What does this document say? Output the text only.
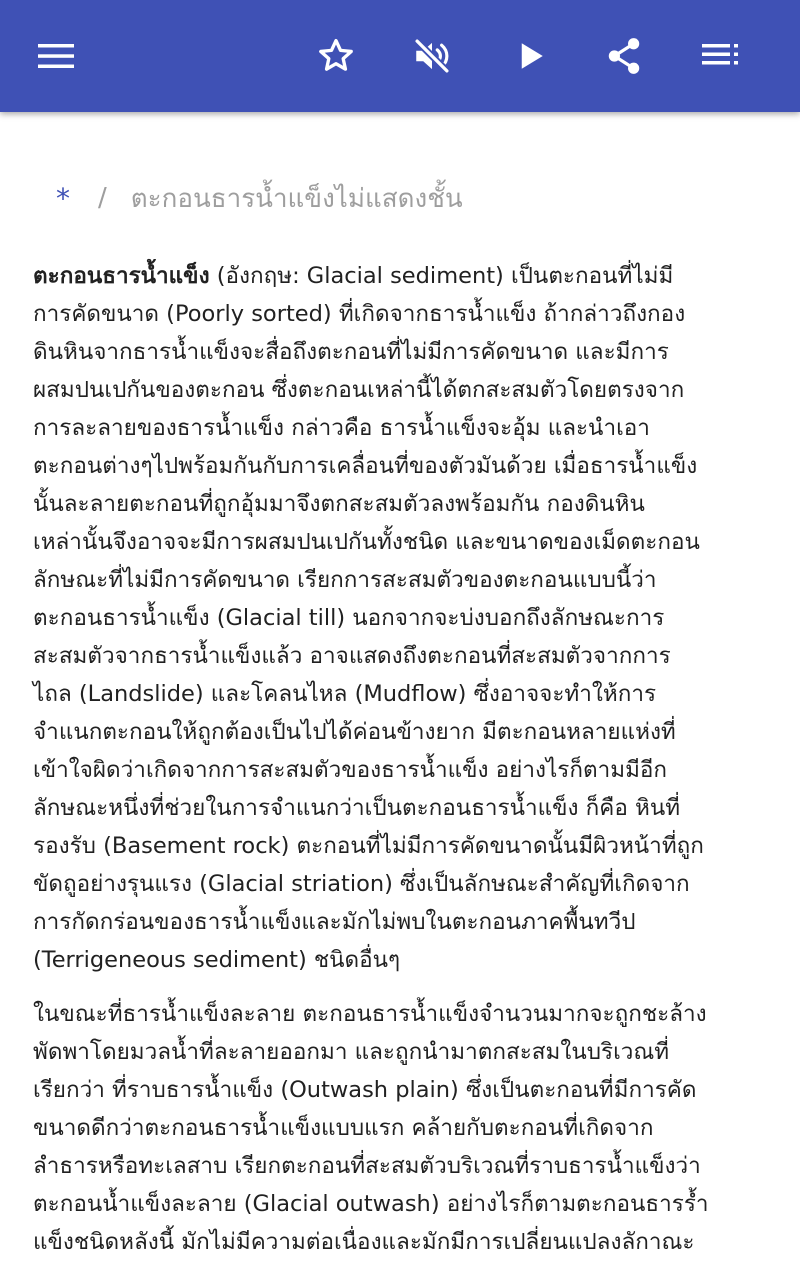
* / ตะกอนธารน้ำแข็งไม่แสดงชั้น

ตะกอนธารน้ำแข็ง (อังกฤษ: Glacial sediment) เป็นตะกอนที่ไม่มี
การคัดขนาด (Poorly sorted) ที่เกิดจากธารน้ำแข็ง ถ้ากล่าวถึงกอง
ดินหินจากธารน้ำแข็งจะสื่อถึงตะกอนที่ไม่มีการคัดขนาด และมีการ
ผสมปนเปกันของตะกอน ซึ่งตะกอนเหล่านี้ได้ตกสะสมตัวโดยตรงจาก
การละลายของธารน้ำแข็ง กล่าวคือ ธารน้ำแข็งจะอุ้ม และนำเอา
ตะกอนต่างๆไปพร้อมกันกับการเคลื่อนที่ของตัวมันด้วย เมื่อธารน้ำแข็ง
นั้นละลายตะกอนที่ถูกอุ้มมาจึงตกสะสมตัวลงพร้อมกัน กองดินหิน
เหล่านั้นจึงอาจจะมีการผสมปนเปกันทั้งชนิด และขนาดของเม็ดตะกอน
ลักษณะที่ไม่มีการคัดขนาด เรียกการสะสมตัวของตะกอนแบบนี้ว่า
ตะกอนธารน้ำแข็ง (Glacial till) นอกจากจะบ่งบอกถึงลักษณะการ
สะสมตัวจากธารน้ำแข็งแล้ว อาจแสดงถึงตะกอนที่สะสมตัวจากการ
ไถล (Landslide) และโคลนไหล (Mudflow) ซึ่งอาจจะทำให้การ
จำแนกตะกอนให้ถูกต้องเป็นไปได้ค่อนข้างยาก มีตะกอนหลายแห่งที่
เข้าใจผิดว่าเกิดจากการสะสมตัวของธารน้ำแข็ง อย่างไรก็ตามมีอีก
ลักษณะหนึ่งที่ช่วยในการจำแนกว่าเป็นตะกอนธารน้ำแข็ง ก็คือ หินที่
รองรับ (Basement rock) ตะกอนที่ไม่มีการคัดขนาดนั้นมีผิวหน้าที่ถูก
ขัดถูอย่างรุนแรง (Glacial striation) ซึ่งเป็นลักษณะสำคัญที่เกิดจาก
การกัดกร่อนของธารน้ำแข็งและมักไม่พบในตะกอนภาคพื้นทวีป
(Terrigeneous sediment) ชนิดอื่นๆ

ในขณะที่ธารน้ำแข็งละลาย ตะกอนธารน้ำแข็งจำนวนมากจะถูกชะล้าง
พัดพาโดยมวลน้ำที่ละลายออกมา และถูกนำมาตกสะสมในบริเวณที่
เรียกว่า ที่ราบธารน้ำแข็ง (Outwash plain) ซึ่งเป็นตะกอนที่มีการคัด
ขนาดดีกว่าตะกอนธารน้ำแข็งแบบแรก คล้ายกับตะกอนที่เกิดจาก
ลำธารหรือทะเลสาบ เรียกตะกอนที่สะสมตัวบริเวณที่ราบธารน้ำแข็งว่า
ตะกอนน้ำแข็งละลาย (Glacial outwash) อย่างไรก็ตามตะกอนธารร้ำ
แข็งชนิดหลังนี้ มักไม่มีความต่อเนื่องและมักมีการเปลี่ยนแปลงลักาณะ
